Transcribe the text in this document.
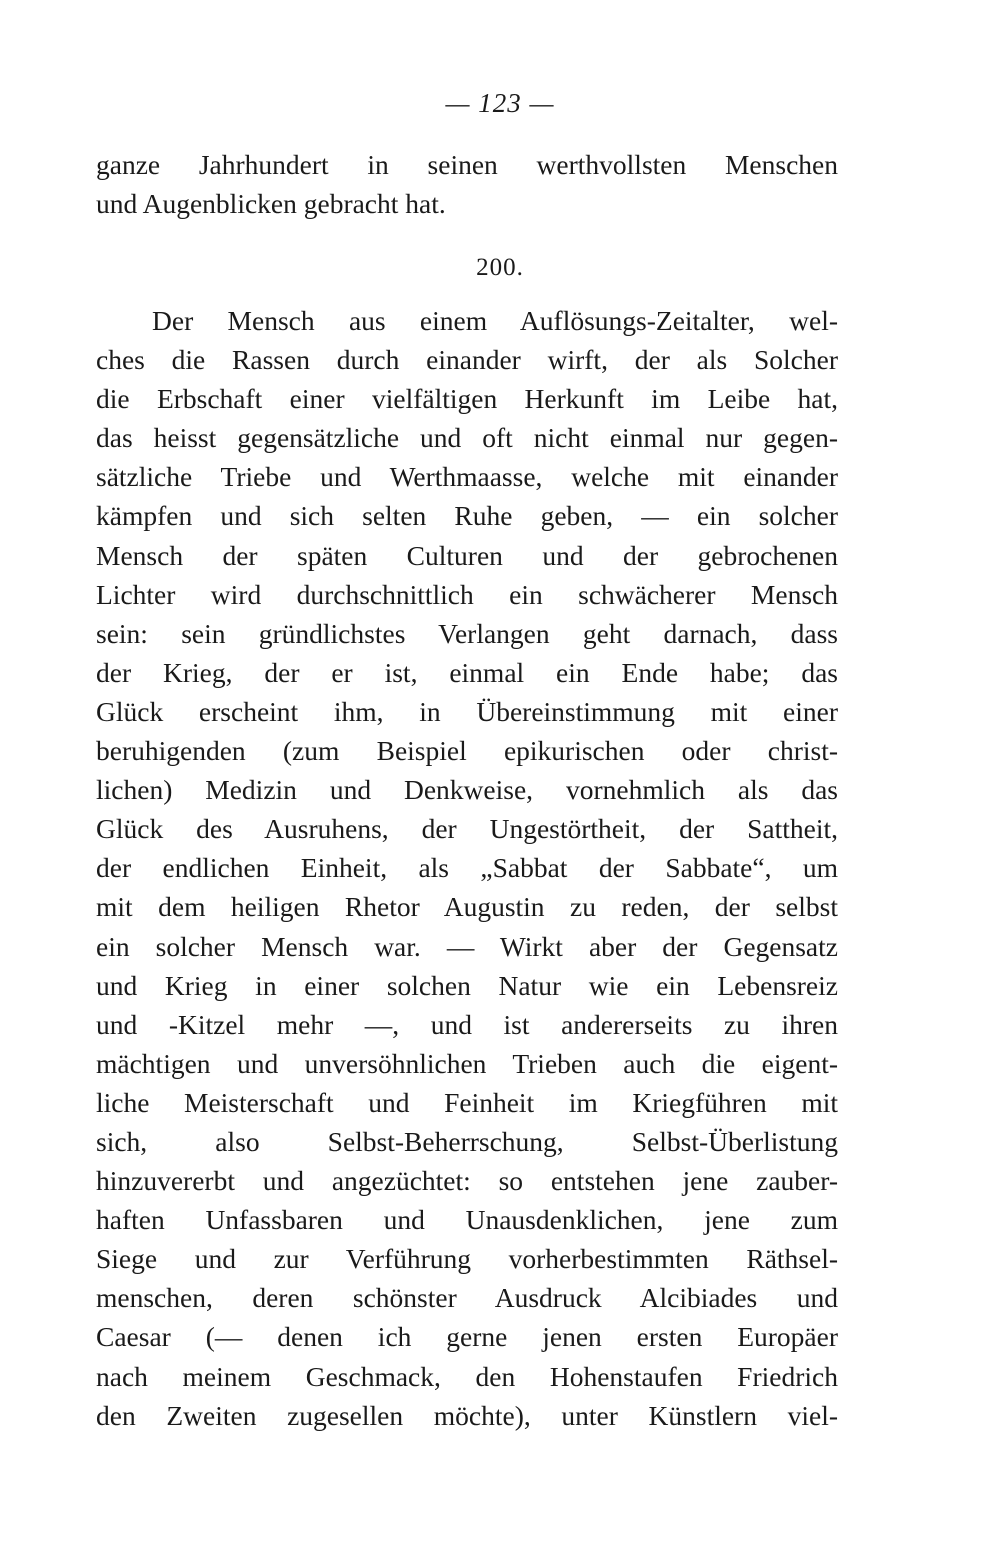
— 123 —
ganze Jahrhundert in seinen werthvollsten Menschen
und Augenblicken gebracht hat.
200.
Der Mensch aus einem Auflösungs-Zeitalter, wel-
ches die Rassen durch einander wirft, der als Solcher
die Erbschaft einer vielfältigen Herkunft im Leibe hat,
das heisst gegensätzliche und oft nicht einmal nur gegen-
sätzliche Triebe und Werthmaasse, welche mit einander
kämpfen und sich selten Ruhe geben, — ein solcher
Mensch der späten Culturen und der gebrochenen
Lichter wird durchschnittlich ein schwächerer Mensch
sein: sein gründlichstes Verlangen geht darnach, dass
der Krieg, der er ist, einmal ein Ende habe; das
Glück erscheint ihm, in Übereinstimmung mit einer
beruhigenden (zum Beispiel epikurischen oder christ-
lichen) Medizin und Denkweise, vornehmlich als das
Glück des Ausruhens, der Ungestörtheit, der Sattheit,
der endlichen Einheit, als „Sabbat der Sabbate“, um
mit dem heiligen Rhetor Augustin zu reden, der selbst
ein solcher Mensch war. — Wirkt aber der Gegensatz
und Krieg in einer solchen Natur wie ein Lebensreiz
und -Kitzel mehr —, und ist andererseits zu ihren
mächtigen und unversöhnlichen Trieben auch die eigent-
liche Meisterschaft und Feinheit im Kriegführen mit
sich, also Selbst-Beherrschung, Selbst-Überlistung
hinzuvererbt und angezüchtet: so entstehen jene zauber-
haften Unfassbaren und Unausdenklichen, jene zum
Siege und zur Verführung vorherbestimmten Räthsel-
menschen, deren schönster Ausdruck Alcibiades und
Caesar (— denen ich gerne jenen ersten Europäer
nach meinem Geschmack, den Hohenstaufen Friedrich
den Zweiten zugesellen möchte), unter Künstlern viel-
